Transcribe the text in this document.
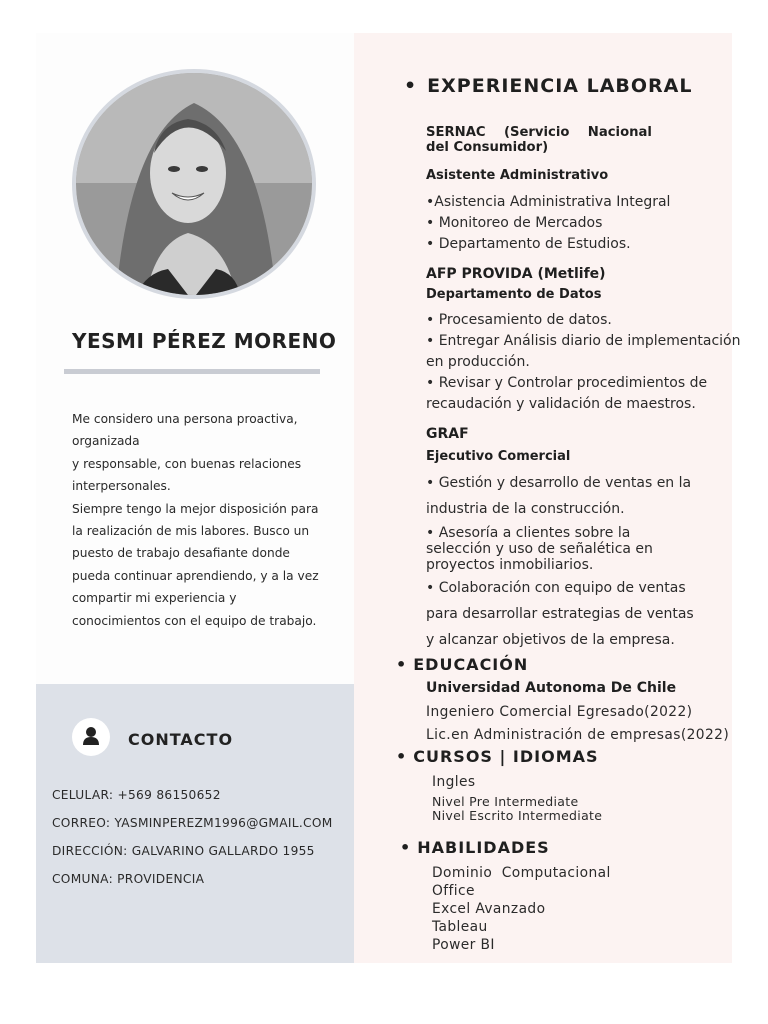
YESMI PÉREZ MORENO
Me considero una persona proactiva,
organizada
y responsable, con buenas relaciones
interpersonales.
Siempre tengo la mejor disposición para
la realización de mis labores. Busco un
puesto de trabajo desafiante donde
pueda continuar aprendiendo, y a la vez
compartir mi experiencia y
conocimientos con el equipo de trabajo.
CONTACTO
CELULAR: +569 86150652
CORREO: YASMINPEREZM1996@GMAIL.COM
DIRECCIÓN: GALVARINO GALLARDO 1955
COMUNA: PROVIDENCIA
• EXPERIENCIA LABORAL
SERNAC    (Servicio    Nacional
del Consumidor)
Asistente Administrativo
•Asistencia Administrativa Integral
• Monitoreo de Mercados
• Departamento de Estudios.
AFP PROVIDA (Metlife)
Departamento de Datos
• Procesamiento de datos.
• Entregar Análisis diario de implementación
en producción.
• Revisar y Controlar procedimientos de
recaudación y validación de maestros.
GRAF
Ejecutivo Comercial
• Gestión y desarrollo de ventas en la
industria de la construcción.
• Asesoría a clientes sobre la
selección y uso de señalética en
proyectos inmobiliarios.
• Colaboración con equipo de ventas
para desarrollar estrategias de ventas
y alcanzar objetivos de la empresa.
• EDUCACIÓN
Universidad Autonoma De Chile
Ingeniero Comercial Egresado(2022)
Lic.en Administración de empresas(2022)
• CURSOS | IDIOMAS
Ingles
Nivel Pre Intermediate
Nivel Escrito Intermediate
• HABILIDADES
Dominio  Computacional
Office
Excel Avanzado
Tableau
Power BI
